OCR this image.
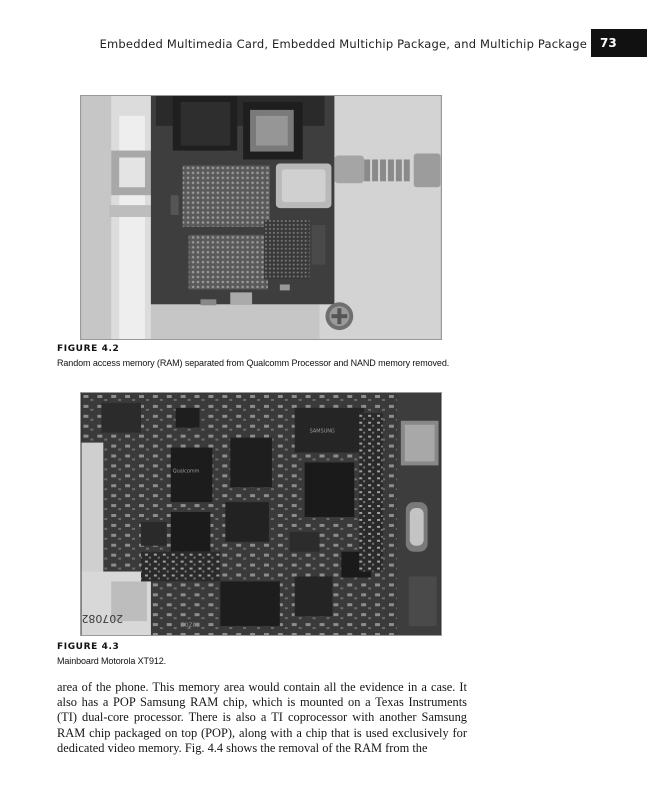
Embedded Multimedia Card, Embedded Multichip Package, and Multichip Package	73
FIGURE 4.2
Random access memory (RAM) separated from Qualcomm Processor and NAND memory removed.
Qualcomm
SAMSUNG
207082
Z0Z02
FIGURE 4.3
Mainboard Motorola XT912.

area of the phone. This memory area would contain all the evidence in a case. It also has a POP Samsung RAM chip, which is mounted on a Texas Instruments (TI) dual-core processor. There is also a TI coprocessor with another Samsung RAM chip packaged on top (POP), along with a chip that is used exclusively for dedicated video memory. Fig. 4.4 shows the removal of the RAM from the
